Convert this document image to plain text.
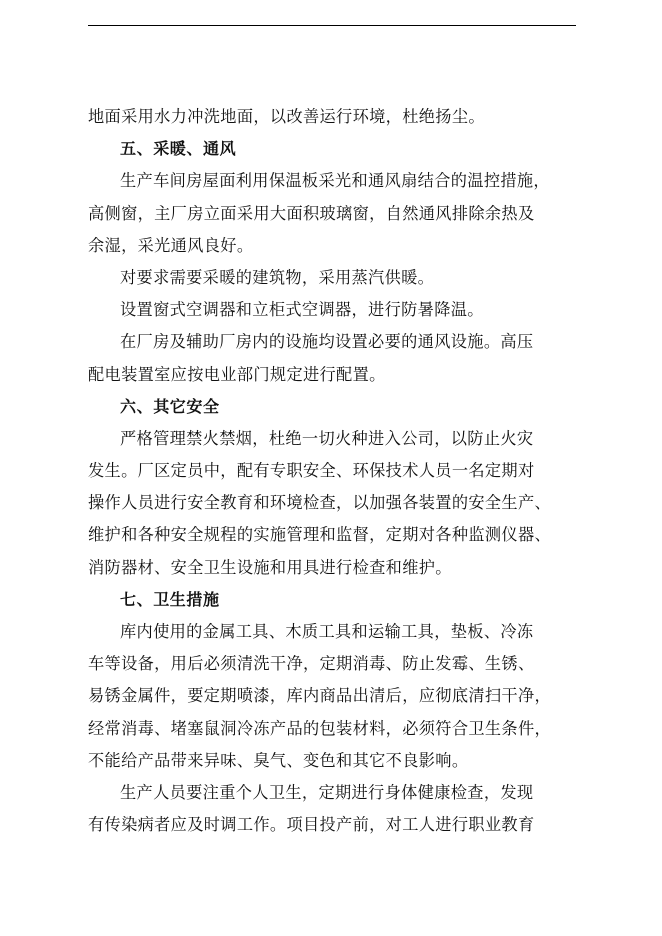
地面采用水力冲洗地面，以改善运行环境，杜绝扬尘。
五、采暖、通风
生产车间房屋面利用保温板采光和通风扇结合的温控措施，
高侧窗，主厂房立面采用大面积玻璃窗，自然通风排除余热及
余湿，采光通风良好。
对要求需要采暖的建筑物，采用蒸汽供暖。
设置窗式空调器和立柜式空调器，进行防暑降温。
在厂房及辅助厂房内的设施均设置必要的通风设施。高压
配电装置室应按电业部门规定进行配置。
六、其它安全
严格管理禁火禁烟，杜绝一切火种进入公司，以防止火灾
发生。厂区定员中，配有专职安全、环保技术人员一名定期对
操作人员进行安全教育和环境检查，以加强各装置的安全生产、
维护和各种安全规程的实施管理和监督，定期对各种监测仪器、
消防器材、安全卫生设施和用具进行检查和维护。
七、卫生措施
库内使用的金属工具、木质工具和运输工具，垫板、冷冻
车等设备，用后必须清洗干净，定期消毒、防止发霉、生锈、
易锈金属件，要定期喷漆，库内商品出清后，应彻底清扫干净，
经常消毒、堵塞鼠洞冷冻产品的包装材料，必须符合卫生条件，
不能给产品带来异味、臭气、变色和其它不良影响。
生产人员要注重个人卫生，定期进行身体健康检查，发现
有传染病者应及时调工作。项目投产前，对工人进行职业教育
